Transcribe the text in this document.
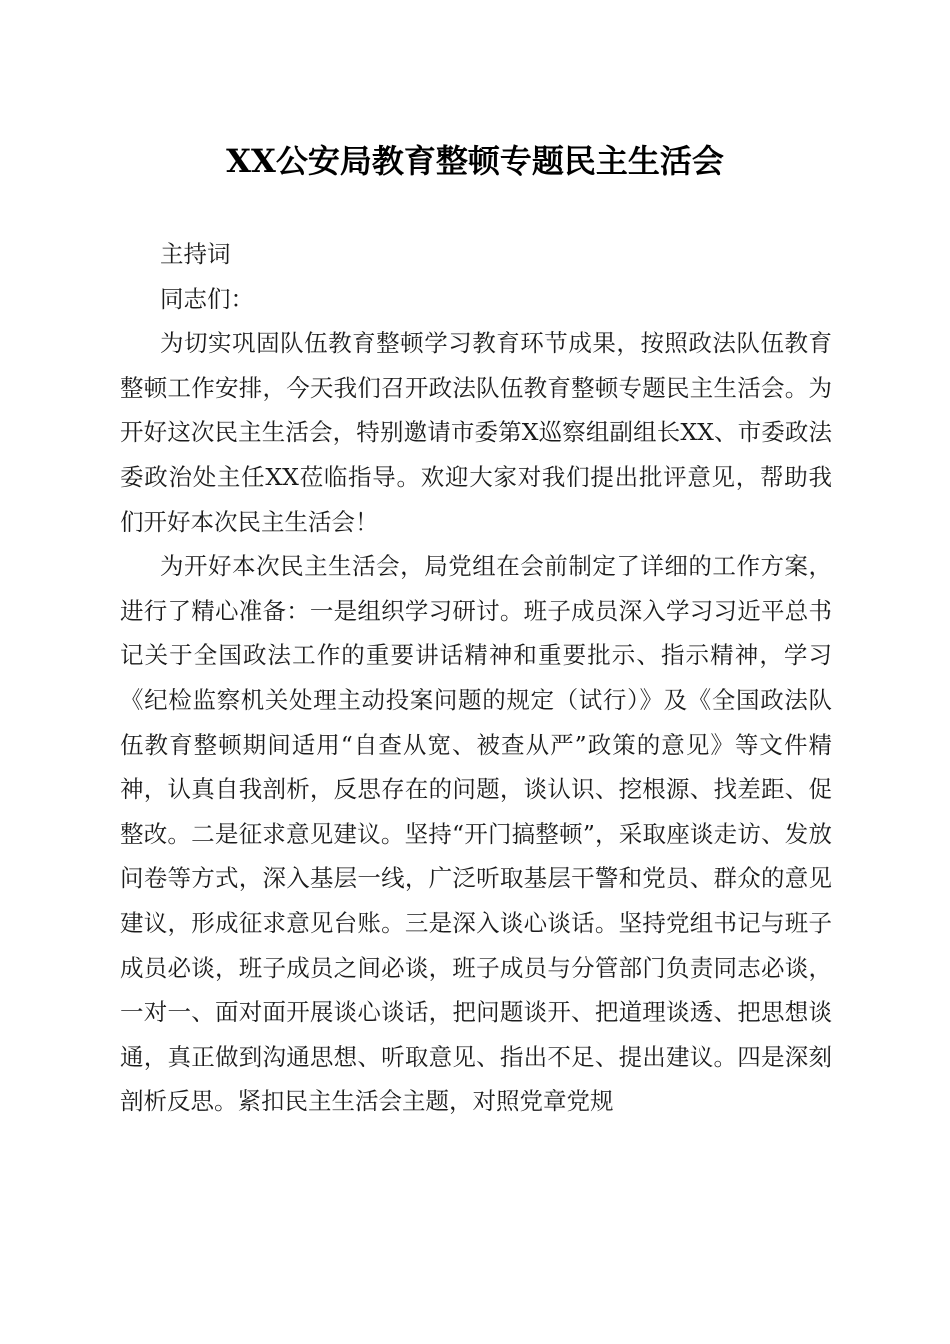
XX公安局教育整顿专题民主生活会

主持词

同志们：

为切实巩固队伍教育整顿学习教育环节成果，按照政法队伍教育整顿工作安排，今天我们召开政法队伍教育整顿专题民主生活会。为开好这次民主生活会，特别邀请市委第X巡察组副组长XX、市委政法委政治处主任XX莅临指导。欢迎大家对我们提出批评意见，帮助我们开好本次民主生活会！

为开好本次民主生活会，局党组在会前制定了详细的工作方案，进行了精心准备：一是组织学习研讨。班子成员深入学习习近平总书记关于全国政法工作的重要讲话精神和重要批示、指示精神，学习《纪检监察机关处理主动投案问题的规定（试行）》及《全国政法队伍教育整顿期间适用“自查从宽、被查从严”政策的意见》等文件精神，认真自我剖析，反思存在的问题，谈认识、挖根源、找差距、促整改。二是征求意见建议。坚持“开门搞整顿”，采取座谈走访、发放问卷等方式，深入基层一线，广泛听取基层干警和党员、群众的意见建议，形成征求意见台账。三是深入谈心谈话。坚持党组书记与班子成员必谈，班子成员之间必谈，班子成员与分管部门负责同志必谈，一对一、面对面开展谈心谈话，把问题谈开、把道理谈透、把思想谈通，真正做到沟通思想、听取意见、指出不足、提出建议。四是深刻剖析反思。紧扣民主生活会主题，对照党章党规
